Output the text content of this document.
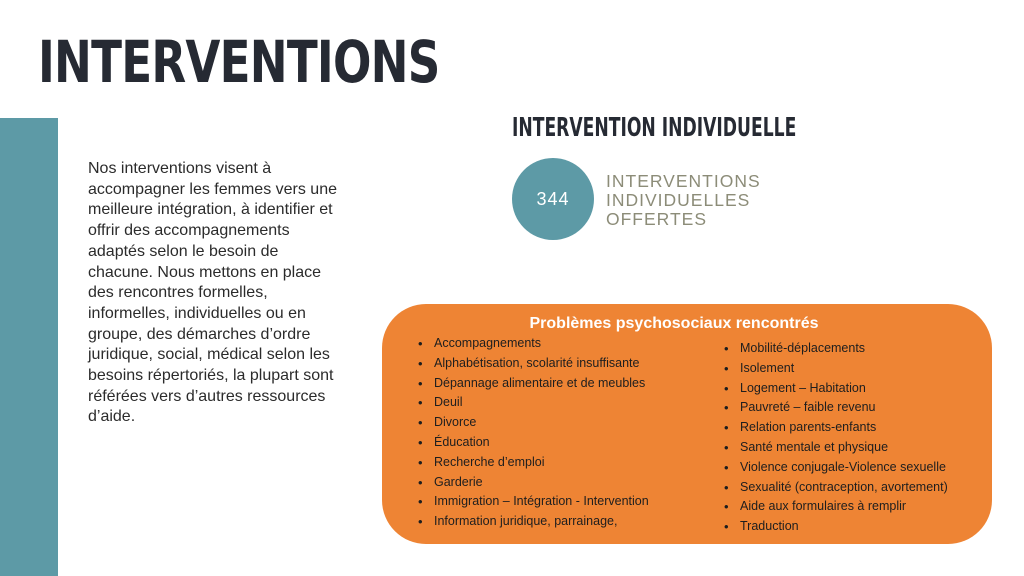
INTERVENTIONS

Nos interventions visent à accompagner les femmes vers une meilleure intégration, à identifier et offrir des accompagnements adaptés selon le besoin de chacune. Nous mettons en place des rencontres formelles, informelles, individuelles ou en groupe, des démarches d’ordre juridique, social, médical selon les besoins répertoriés, la plupart sont référées vers d’autres ressources d’aide.

INTERVENTION INDIVIDUELLE
344

INTERVENTIONS INDIVIDUELLES OFFERTES

Problèmes psychosociaux rencontrés

• Accompagnements
• Alphabétisation, scolarité insuffisante
• Dépannage alimentaire et de meubles
• Deuil
• Divorce
• Éducation
• Recherche d’emploi
• Garderie
• Immigration – Intégration - Intervention
• Information juridique, parrainage,
• Mobilité-déplacements
• Isolement
• Logement – Habitation
• Pauvreté – faible revenu
• Relation parents-enfants
• Santé mentale et physique
• Violence conjugale-Violence sexuelle
• Sexualité (contraception, avortement)
• Aide aux formulaires à remplir
• Traduction
